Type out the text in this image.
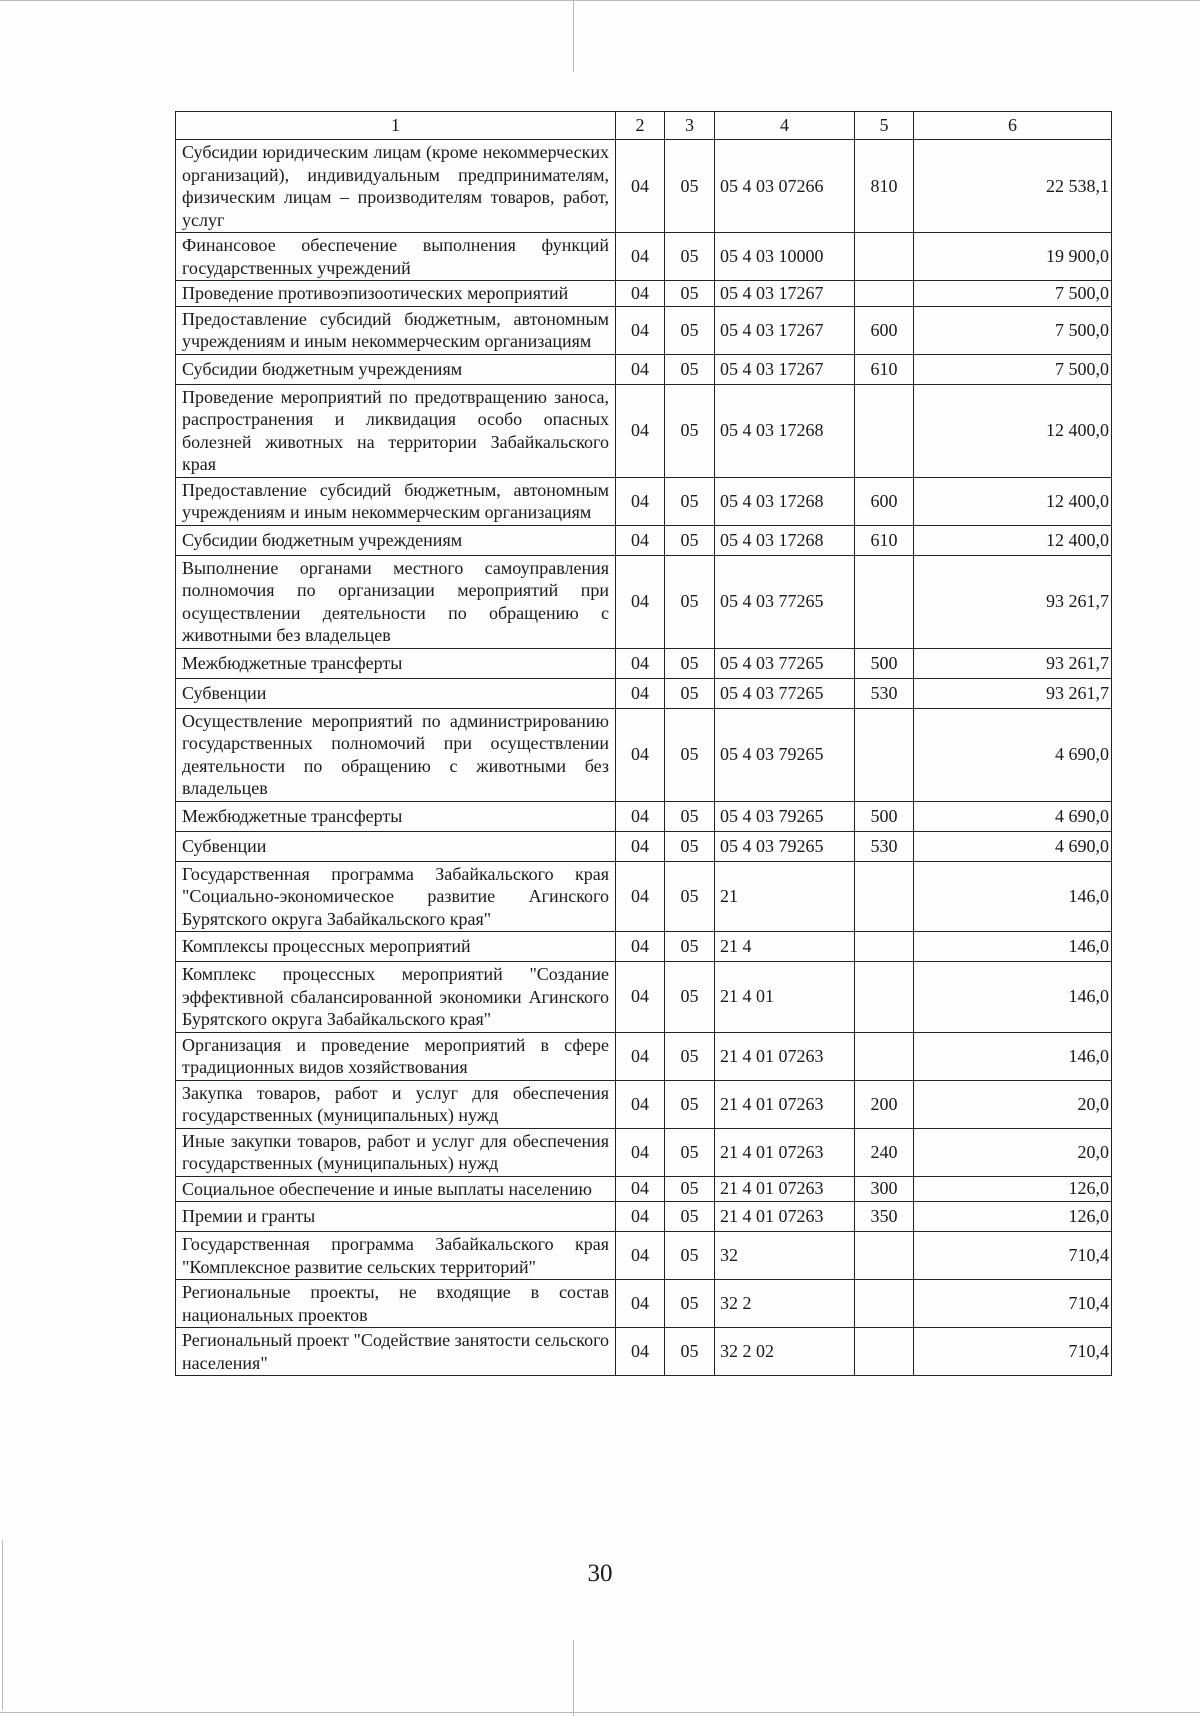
1	2	3	4	5	6
Субсидии юридическим лицам (кроме некоммерческих организаций), индивидуальным предпринимателям, физическим лицам – производителям товаров, работ, услуг	04	05	05 4 03 07266	810	22 538,1
Финансовое обеспечение выполнения функций государственных учреждений	04	05	05 4 03 10000		19 900,0
Проведение противоэпизоотических мероприятий	04	05	05 4 03 17267		7 500,0
Предоставление субсидий бюджетным, автономным учреждениям и иным некоммерческим организациям	04	05	05 4 03 17267	600	7 500,0
Субсидии бюджетным учреждениям	04	05	05 4 03 17267	610	7 500,0
Проведение мероприятий по предотвращению заноса, распространения и ликвидация особо опасных болезней животных на территории Забайкальского края	04	05	05 4 03 17268		12 400,0
Предоставление субсидий бюджетным, автономным учреждениям и иным некоммерческим организациям	04	05	05 4 03 17268	600	12 400,0
Субсидии бюджетным учреждениям	04	05	05 4 03 17268	610	12 400,0
Выполнение органами местного самоуправления полномочия по организации мероприятий при осуществлении деятельности по обращению с животными без владельцев	04	05	05 4 03 77265		93 261,7
Межбюджетные трансферты	04	05	05 4 03 77265	500	93 261,7
Субвенции	04	05	05 4 03 77265	530	93 261,7
Осуществление мероприятий по администрированию государственных полномочий при осуществлении деятельности по обращению с животными без владельцев	04	05	05 4 03 79265		4 690,0
Межбюджетные трансферты	04	05	05 4 03 79265	500	4 690,0
Субвенции	04	05	05 4 03 79265	530	4 690,0
Государственная программа Забайкальского края "Социально-экономическое развитие Агинского Бурятского округа Забайкальского края"	04	05	21		146,0
Комплексы процессных мероприятий	04	05	21 4		146,0
Комплекс процессных мероприятий "Создание эффективной сбалансированной экономики Агинского Бурятского округа Забайкальского края"	04	05	21 4 01		146,0
Организация и проведение мероприятий в сфере традиционных видов хозяйствования	04	05	21 4 01 07263		146,0
Закупка товаров, работ и услуг для обеспечения государственных (муниципальных) нужд	04	05	21 4 01 07263	200	20,0
Иные закупки товаров, работ и услуг для обеспечения государственных (муниципальных) нужд	04	05	21 4 01 07263	240	20,0
Социальное обеспечение и иные выплаты населению	04	05	21 4 01 07263	300	126,0
Премии и гранты	04	05	21 4 01 07263	350	126,0
Государственная программа Забайкальского края "Комплексное развитие сельских территорий"	04	05	32		710,4
Региональные проекты, не входящие в состав национальных проектов	04	05	32 2		710,4
Региональный проект "Содействие занятости сельского населения"	04	05	32 2 02		710,4
30
